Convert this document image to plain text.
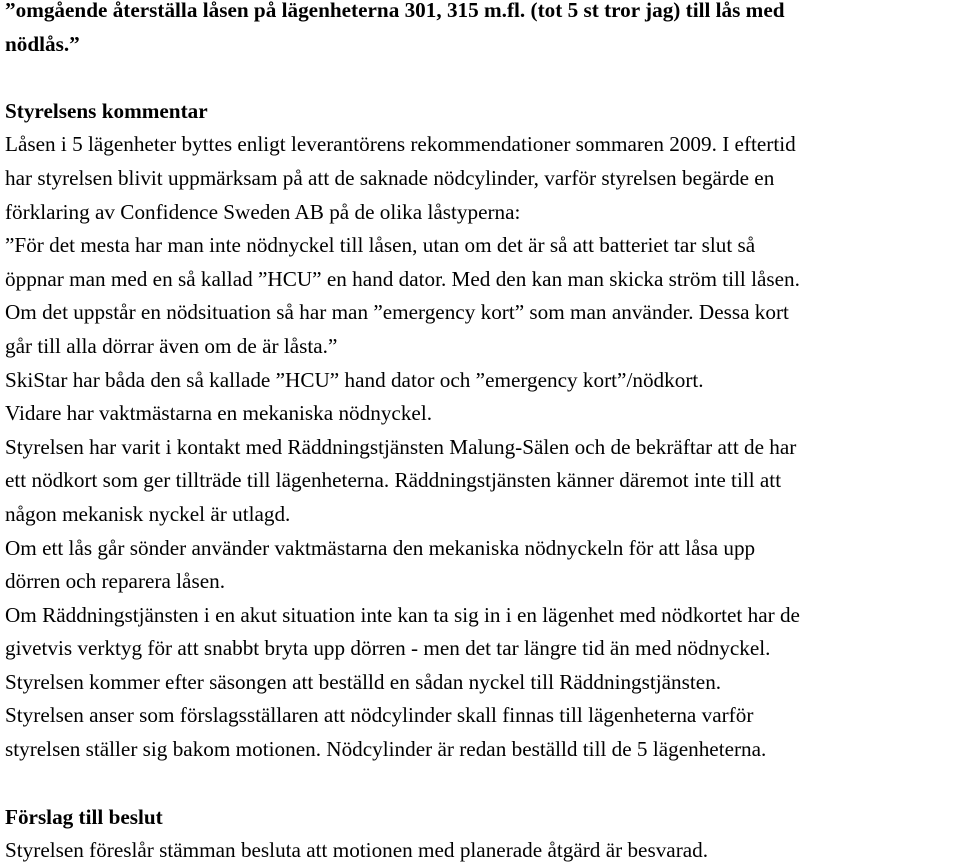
”omgående återställa låsen på lägenheterna 301, 315 m.fl. (tot 5 st tror jag) till lås med
nödlås.”
Styrelsens kommentar
Låsen i 5 lägenheter byttes enligt leverantörens rekommendationer sommaren 2009. I eftertid
har styrelsen blivit uppmärksam på att de saknade nödcylinder, varför styrelsen begärde en
förklaring av Confidence Sweden AB på de olika låstyperna:
”För det mesta har man inte nödnyckel till låsen, utan om det är så att batteriet tar slut så
öppnar man med en så kallad ”HCU” en hand dator. Med den kan man skicka ström till låsen.
Om det uppstår en nödsituation så har man ”emergency kort” som man använder. Dessa kort
går till alla dörrar även om de är låsta.”
SkiStar har båda den så kallade ”HCU” hand dator och ”emergency kort”/nödkort.
Vidare har vaktmästarna en mekaniska nödnyckel.
Styrelsen har varit i kontakt med Räddningstjänsten Malung-Sälen och de bekräftar att de har
ett nödkort som ger tillträde till lägenheterna. Räddningstjänsten känner däremot inte till att
någon mekanisk nyckel är utlagd.
Om ett lås går sönder använder vaktmästarna den mekaniska nödnyckeln för att låsa upp
dörren och reparera låsen.
Om Räddningstjänsten i en akut situation inte kan ta sig in i en lägenhet med nödkortet har de
givetvis verktyg för att snabbt bryta upp dörren - men det tar längre tid än med nödnyckel.
Styrelsen kommer efter säsongen att beställd en sådan nyckel till Räddningstjänsten.
Styrelsen anser som förslagsställaren att nödcylinder skall finnas till lägenheterna varför
styrelsen ställer sig bakom motionen. Nödcylinder är redan beställd till de 5 lägenheterna.
Förslag till beslut
Styrelsen föreslår stämman besluta att motionen med planerade åtgärd är besvarad.
